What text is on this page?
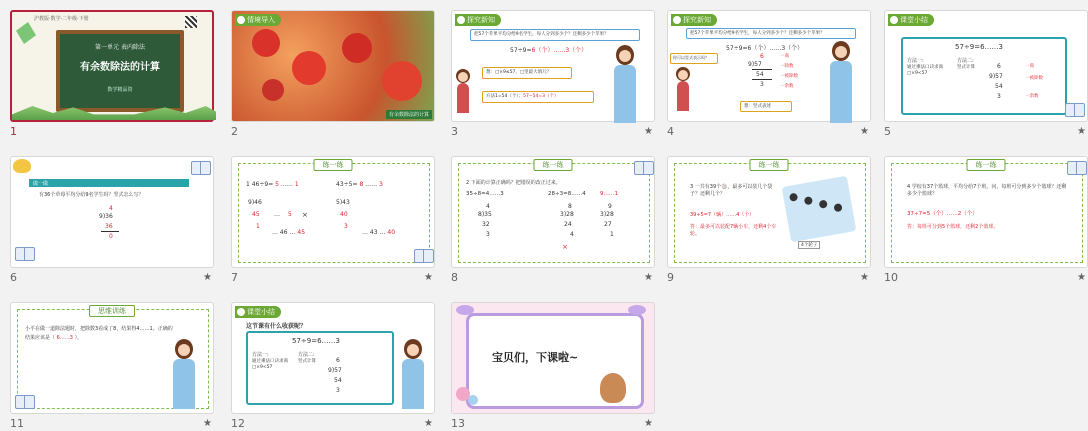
沪教版·数学·二年级·下册
第一单元 表内除法
有余数除法的计算
数学精品资
1
情境导入
有余数除法的计算
2
探究新知
把57个苹果平均分给9名学生，每人分到多少个？还剩多少个苹果？
57÷9=6（个）……3（个）
想：□×9≤57，□里最大填几？
方法1=54（个）；57−54=3（个）
3	★
探究新知
把57个苹果平均分给9名学生，每人分到多少个？还剩多少个苹果？
57÷9=6（个）……3（个）
你可以竖式表示吗？	6
9)57
54
3
一商
一除数
一被除数
一余数
想：竖式表述
4	★
课堂小结
57÷9=6……3
方法一:
通过乘法口诀求商
□×9<57
方法二:
竖式计算	6
9)57
54
3
一商
一被除数
一余数
5	★
做一做
有36个草莓平均分给9名学生吗？竖式怎么写？
4
9)36
36
0
6	★
练一练
1 46÷9= 5 …… 1	43÷5= 8 …… 3
9)46
45
1
… 5 ×
5)43
40
3
… 46 … 45	… 43 … 40
7	★
练一练
2 下面的计算正确吗？把错误的改正过来。
35÷8=4……3	28÷3=8……4	9……1
4
8)35
32
3
8
3)28
24
4
×
9
3)28
27
1
8	★
练一练
3 一共有39个🏐，最多可以装几个袋子？还剩几个？
39÷5=7（辆）……4（个）
答：最多可以装配7辆小车，还剩4个车轮。
4个轮子
9	★
练一练
4 学校有37个篮球，平均分给7个班，问，每班可分到多少个篮球？还剩多少个篮球？
37÷7=5（个）……2（个）
答：每班可分到5个篮球，还剩2个篮球。
10	★
思维训练
小平在做一道除法题时，把除数3看成了8，结果得4……1。正确的结果应该是（ 6……3 ）。
11	★
课堂小结
这节课有什么收获呢？
57÷9=6……3
方法一:
通过乘法口诀求商
□×9<57
方法二:
竖式计算	6
9)57
54
3
12	★
宝贝们，下课啦~
13	★
